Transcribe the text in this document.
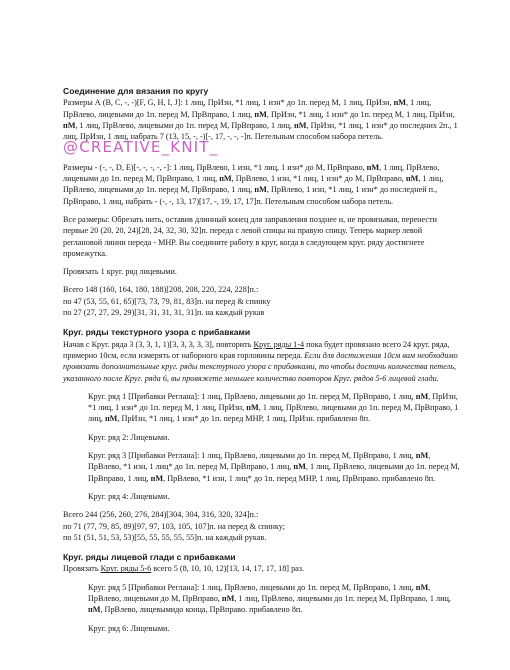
Соединение для вязания по кругу

Размеры А (B, C, -, -)[F, G, H, I, J]: 1 лиц, ПрИзн, *1 лиц, 1 изн* до 1п. перед М, 1 лиц, ПрИзн, пМ, 1 лиц, ПрВлево, лицевыми до 1п. перед М, ПрВправо, 1 лиц, пМ, ПрИзн, *1 лиц, 1 изн* до 1п. перед М, 1 лиц, ПрИзн, пМ, 1 лиц, ПрВлево, лицевыми до 1п. перед М, ПрВправо, 1 лиц, пМ, ПрИзн, *1 лиц, 1 изн* до последних 2п., 1 лиц, ПрИзн, 1 лиц, набрать 7 (13, 15, -, -)[-, 17, -, -, -]п. Петельным способом набора петель. @CREATIVE_KNIT_

Размеры - (-, -, D, E)[-, -, -, -, -]: 1 лиц, ПрВлево, 1 изн, *1 лиц, 1 изн* до М, ПрВправо, пМ, 1 лиц, ПрВлево, лицевыми до 1п. перед М, ПрВправо, 1 лиц, пМ, ПрВлево, 1 изн, *1 лиц, 1 изн* до М, ПрВправо, пМ, 1 лиц, ПрВлево, лицевыми до 1п. перед М, ПрВправо, 1 лиц, пМ, ПрВлево, 1 изн, *1 лиц, 1 изн* до последней п., ПрВправо, 1 лиц, набрать - (-, -, 13, 17)[17, -, 19, 17, 17]п. Петельным способом набора петель.

Все размеры: Обрезать нить, оставив длинный конец для заправления позднее и, не провязывая, перенести первые 20 (20, 20, 24)[28, 24, 32, 30, 32]п. переда с левой спицы на правую спицу. Теперь маркер левой реглановой линии переда - МНР. Вы соедините работу в круг, когда в следующем круг. ряду достигнете промежутка.

Провязать 1 круг. ряд лицевыми.

Всего 148 (160, 164, 180, 188)[208, 208, 220, 224, 228]п.:

по 47 (53, 55, 61, 65)[73, 73, 79, 81, 83]п. на перед & спинку

по 27 (27, 27, 29, 29)[31, 31, 31, 31, 31]п. на каждый рукав

Круг. ряды текстурного узора с прибавками

Начав с Круг. ряда 3 (3, 3, 1, 1)[3, 3, 3, 3, 3], повторить Круг. ряды 1-4 пока будет провязано всего 24 круг. ряда, примерно 10см, если измерять от наборного края горловины переда. Если для достижения 10см вам необходимо провязать дополнительные круг. ряды текстурного узора с прибавками, то чтобы достичь количества петель, указанного после Круг. ряда 6, вы провяжете меньшее количество повторов Круг. рядов 5-6 лицевой глади.

Круг. ряд 1 [Прибавки Реглана]: 1 лиц, ПрВлево, лицевыми до 1п. перед М, ПрВправо, 1 лиц, пМ, ПрИзн, *1 лиц, 1 изн* до 1п. перед М, 1 лиц, ПрИзн, пМ, 1 лиц, ПрВлево, лицевыми до 1п. перед М, ПрВправо, 1 лиц, пМ, ПрИзн, *1 лиц, 1 изн* до 1п. перед МНР, 1 лиц, ПрИзн. прибавлено 8п.

Круг. ряд 2: Лицевыми.

Круг. ряд 3 [Прибавки Реглана]: 1 лиц, ПрВлево, лицевыми до 1п. перед М, ПрВправо, 1 лиц, пМ, ПрВлево, *1 изн, 1 лиц* до 1п. перед М, ПрВправо, 1 лиц, пМ, 1 лиц, ПрВлево, лицевыми до 1п. перед М, ПрВправо, 1 лиц, пМ, ПрВлево, *1 изн, 1 лиц* до 1п. перед МНР, 1 лиц, ПрВправо. прибавлено 8п.

Круг. ряд 4: Лицевыми.

Всего 244 (256, 260, 276, 284)[304, 304, 316, 320, 324]п.:

по 71 (77, 79, 85, 89)[97, 97, 103, 105, 107]п. на перед & спинку;

по 51 (51, 51, 53, 53)[55, 55, 55, 55, 55]п. на каждый рукав.

Круг. ряды лицевой глади с прибавками

Провязать Круг. ряды 5-6 всего 5 (8, 10, 10, 12)[13, 14, 17, 17, 18] раз.

Круг. ряд 5 [Прибавки Реглана]: 1 лиц, ПрВлево, лицевыми до 1п. перед М, ПрВправо, 1 лиц, пМ, ПрВлево, лицевыми до М, ПрВправо, пМ, 1 лиц, ПрВлево, лицевыми до 1п. перед М, ПрВправо, 1 лиц, пМ, ПрВлево, лицевымидо конца, ПрВправо. прибавлено 8п.

Круг. ряд 6: Лицевыми.
